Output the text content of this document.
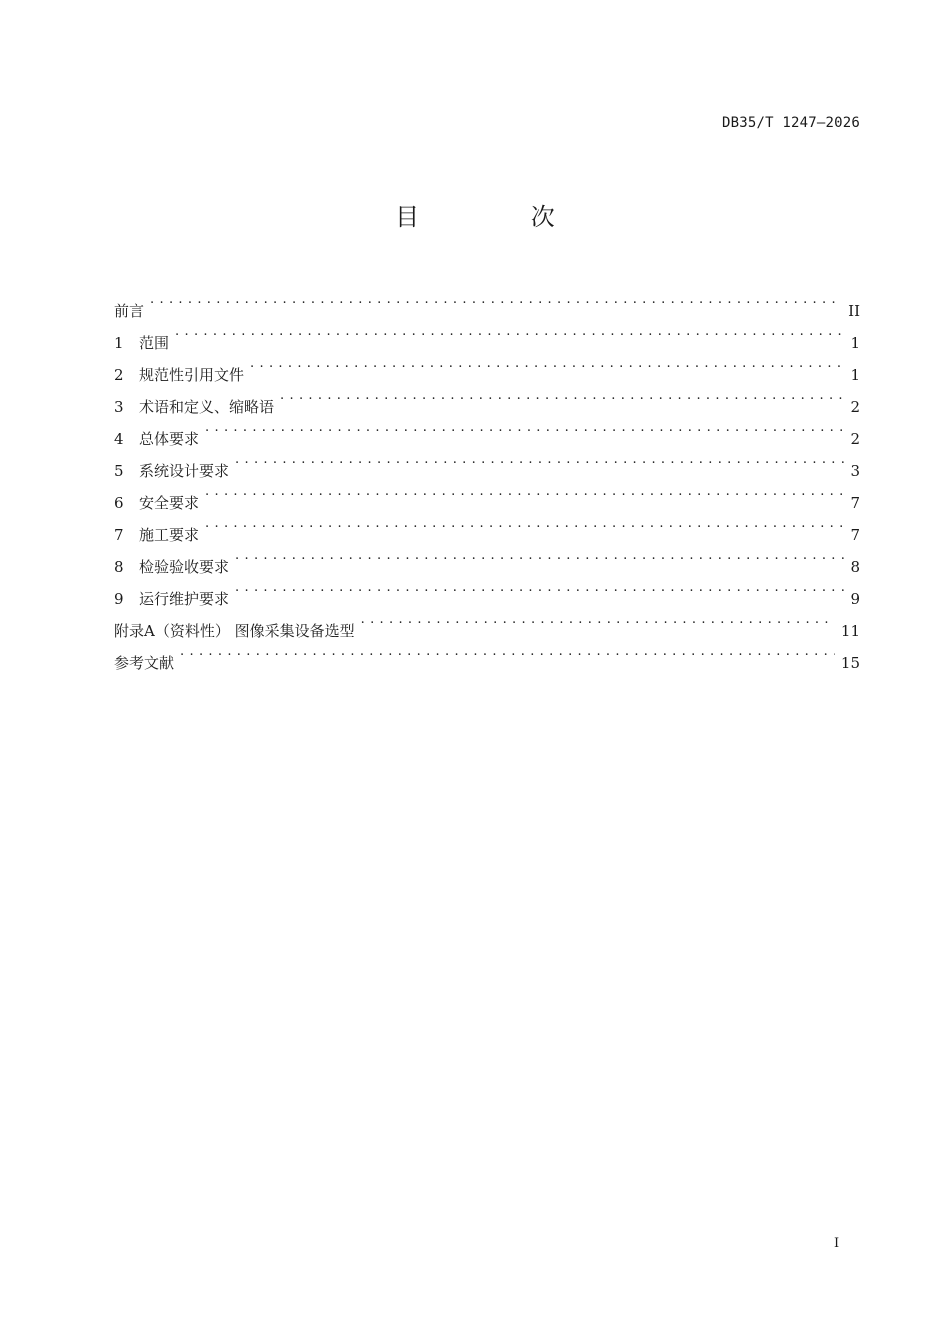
DB35/T 1247—2026
目 次
前言 . . .	II
1	范围 . . .	1
2	规范性引用文件 . . .	1
3	术语和定义、缩略语 . . .	2
4	总体要求 . . .	2
5	系统设计要求 . . .	3
6	安全要求 . . .	7
7	施工要求 . . .	7
8	检验验收要求 . . .	8
9	运行维护要求 . . .	9
附录A（资料性） 图像采集设备选型 . . .	11
参考文献 . . .	15
I
